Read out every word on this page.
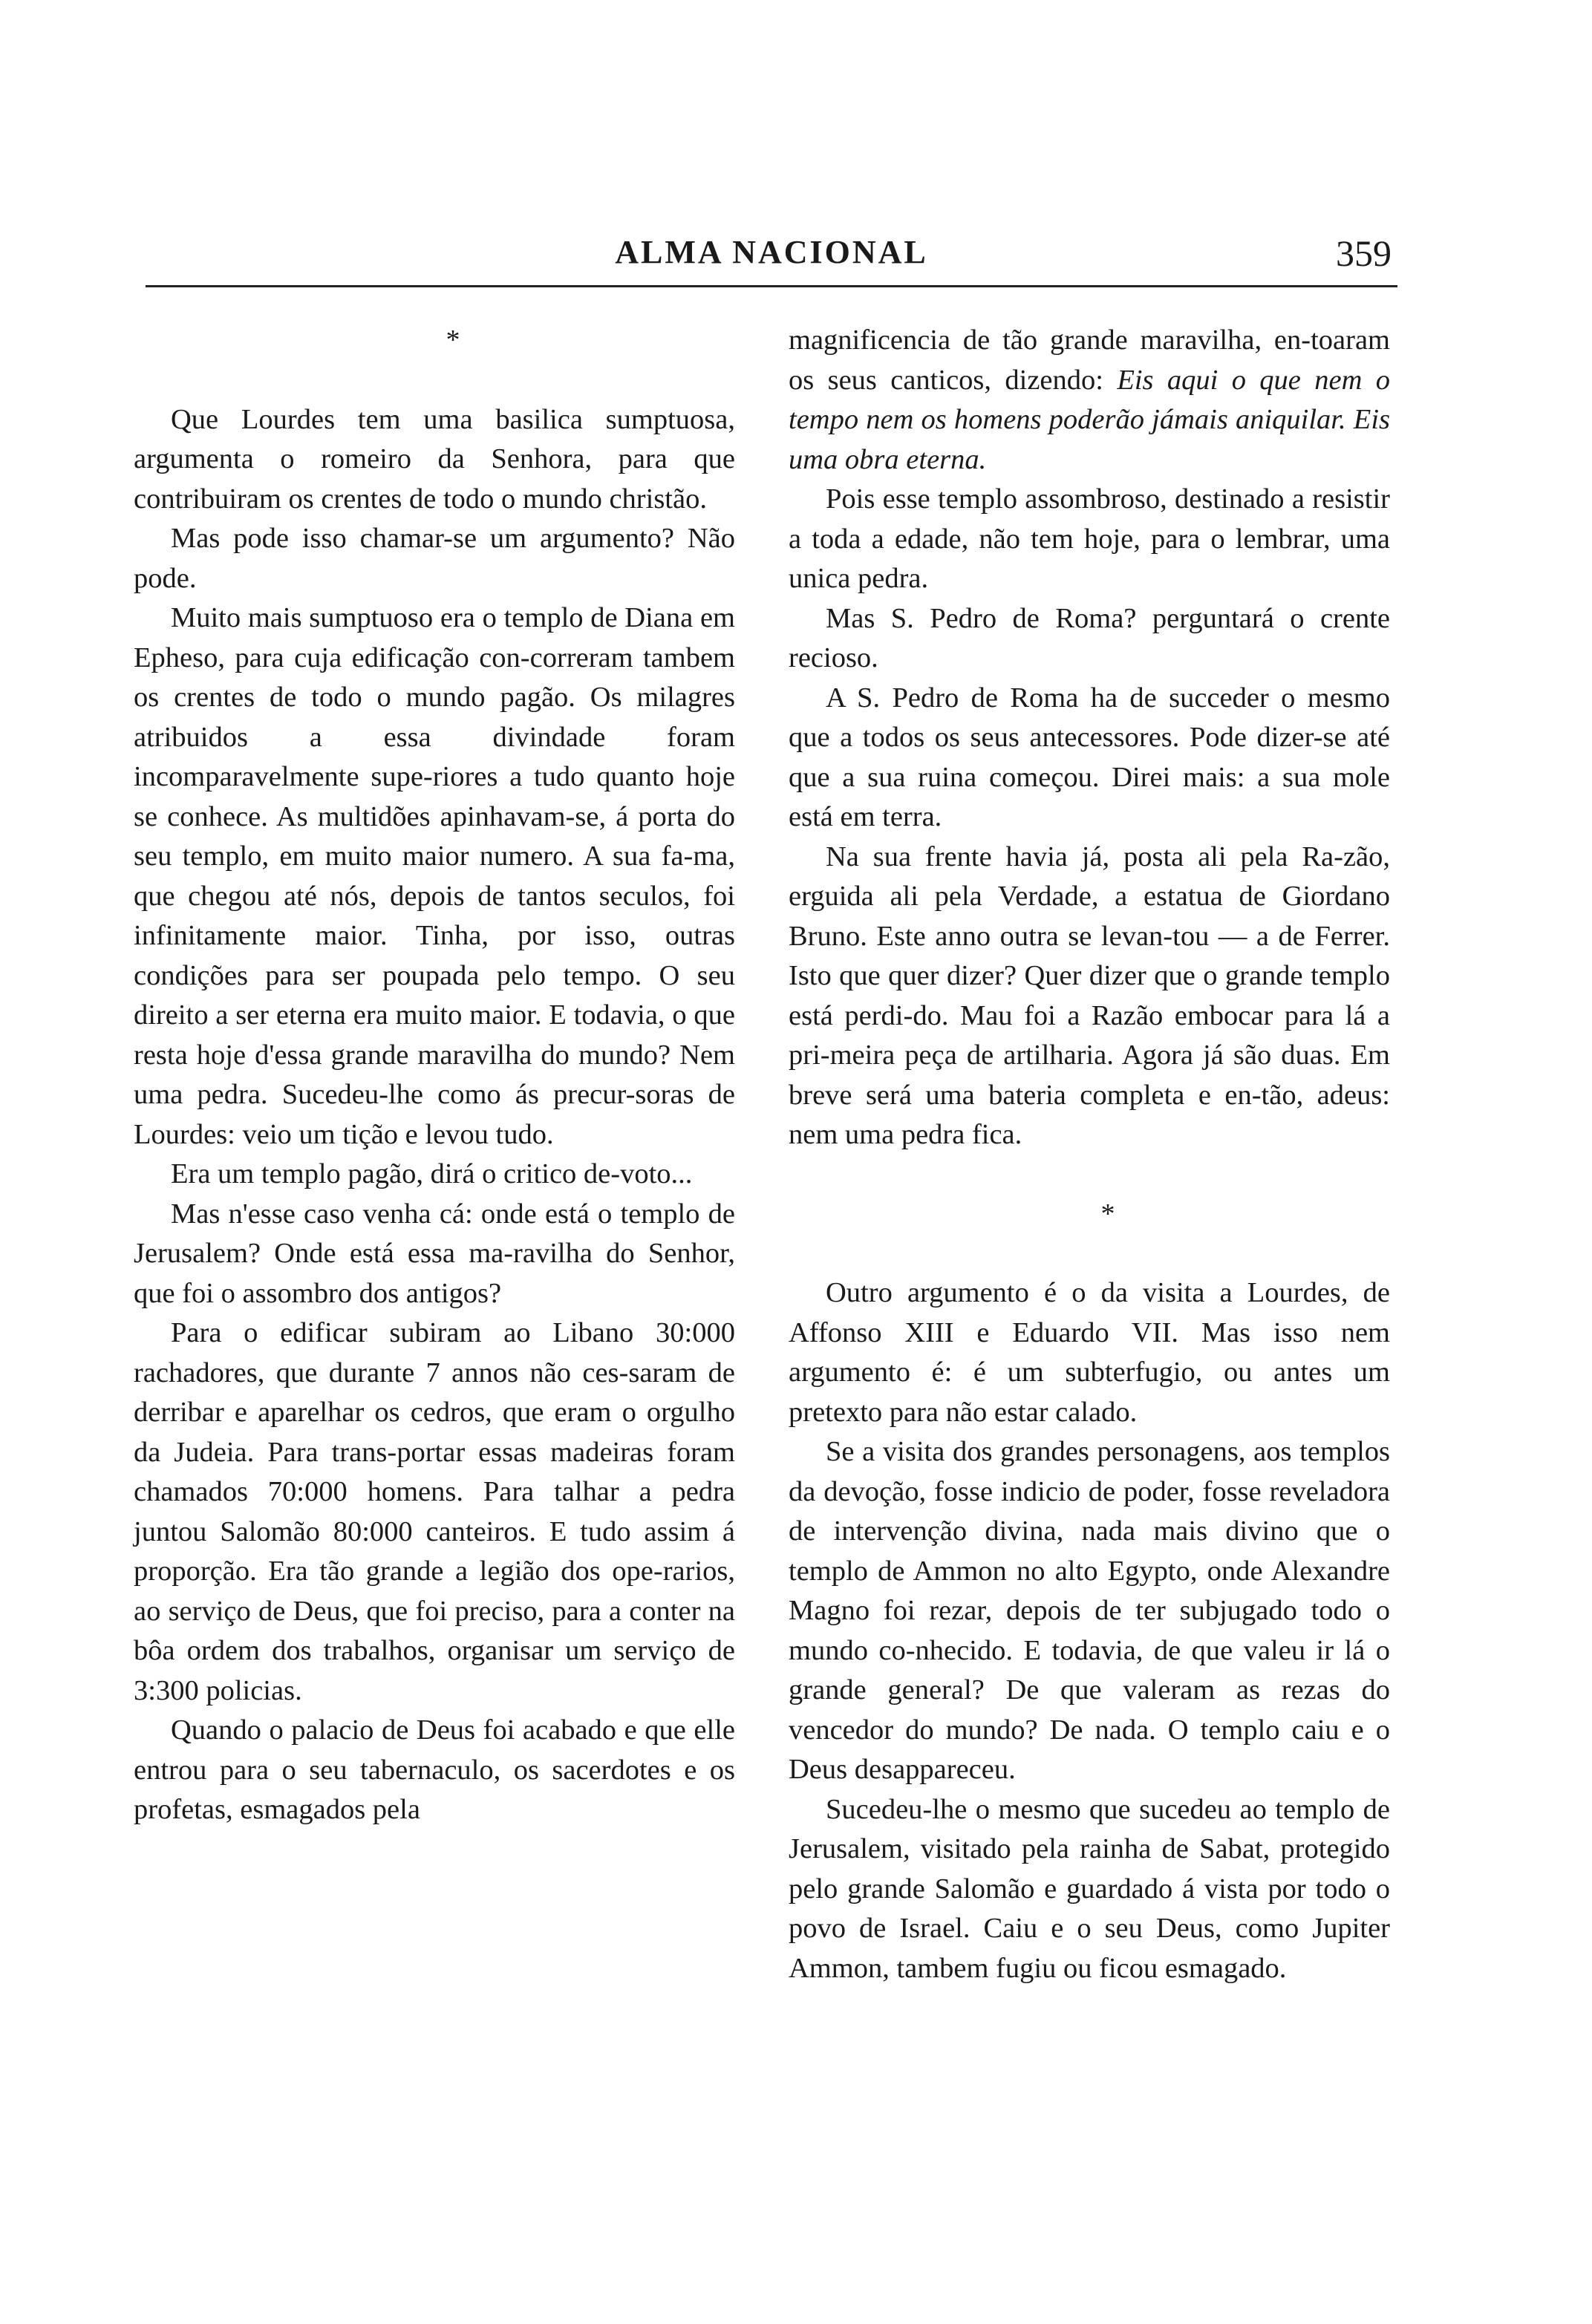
ALMA NACIONAL	359

*

Que Lourdes tem uma basilica sumptuosa, argumenta o romeiro da Senhora, para que contribuiram os crentes de todo o mundo christão.

Mas pode isso chamar-se um argumento? Não pode.

Muito mais sumptuoso era o templo de Diana em Epheso, para cuja edificação con-correram tambem os crentes de todo o mundo pagão. Os milagres atribuidos a essa divindade foram incomparavelmente supe-riores a tudo quanto hoje se conhece. As multidões apinhavam-se, á porta do seu templo, em muito maior numero. A sua fa-ma, que chegou até nós, depois de tantos seculos, foi infinitamente maior. Tinha, por isso, outras condições para ser poupada pelo tempo. O seu direito a ser eterna era muito maior. E todavia, o que resta hoje d'essa grande maravilha do mundo? Nem uma pedra. Sucedeu-lhe como ás precur-soras de Lourdes: veio um tição e levou tudo.

Era um templo pagão, dirá o critico de-voto...

Mas n'esse caso venha cá: onde está o templo de Jerusalem? Onde está essa ma-ravilha do Senhor, que foi o assombro dos antigos?

Para o edificar subiram ao Libano 30:000 rachadores, que durante 7 annos não ces-saram de derribar e aparelhar os cedros, que eram o orgulho da Judeia. Para trans-portar essas madeiras foram chamados 70:000 homens. Para talhar a pedra juntou Salomão 80:000 canteiros. E tudo assim á proporção. Era tão grande a legião dos ope-rarios, ao serviço de Deus, que foi preciso, para a conter na bôa ordem dos trabalhos, organisar um serviço de 3:300 policias.

Quando o palacio de Deus foi acabado e que elle entrou para o seu tabernaculo, os sacerdotes e os profetas, esmagados pela

magnificencia de tão grande maravilha, en-toaram os seus canticos, dizendo: Eis aqui o que nem o tempo nem os homens poderão jámais aniquilar. Eis uma obra eterna.

Pois esse templo assombroso, destinado a resistir a toda a edade, não tem hoje, para o lembrar, uma unica pedra.

Mas S. Pedro de Roma? perguntará o crente recioso.

A S. Pedro de Roma ha de succeder o mesmo que a todos os seus antecessores. Pode dizer-se até que a sua ruina começou. Direi mais: a sua mole está em terra.

Na sua frente havia já, posta ali pela Ra-zão, erguida ali pela Verdade, a estatua de Giordano Bruno. Este anno outra se levan-tou — a de Ferrer. Isto que quer dizer? Quer dizer que o grande templo está perdi-do. Mau foi a Razão embocar para lá a pri-meira peça de artilharia. Agora já são duas. Em breve será uma bateria completa e en-tão, adeus: nem uma pedra fica.

*

Outro argumento é o da visita a Lourdes, de Affonso XIII e Eduardo VII. Mas isso nem argumento é: é um subterfugio, ou antes um pretexto para não estar calado.

Se a visita dos grandes personagens, aos templos da devoção, fosse indicio de poder, fosse reveladora de intervenção divina, nada mais divino que o templo de Ammon no alto Egypto, onde Alexandre Magno foi rezar, depois de ter subjugado todo o mundo co-nhecido. E todavia, de que valeu ir lá o grande general? De que valeram as rezas do vencedor do mundo? De nada. O templo caiu e o Deus desappareceu.

Sucedeu-lhe o mesmo que sucedeu ao templo de Jerusalem, visitado pela rainha de Sabat, protegido pelo grande Salomão e guardado á vista por todo o povo de Israel. Caiu e o seu Deus, como Jupiter Ammon, tambem fugiu ou ficou esmagado.
